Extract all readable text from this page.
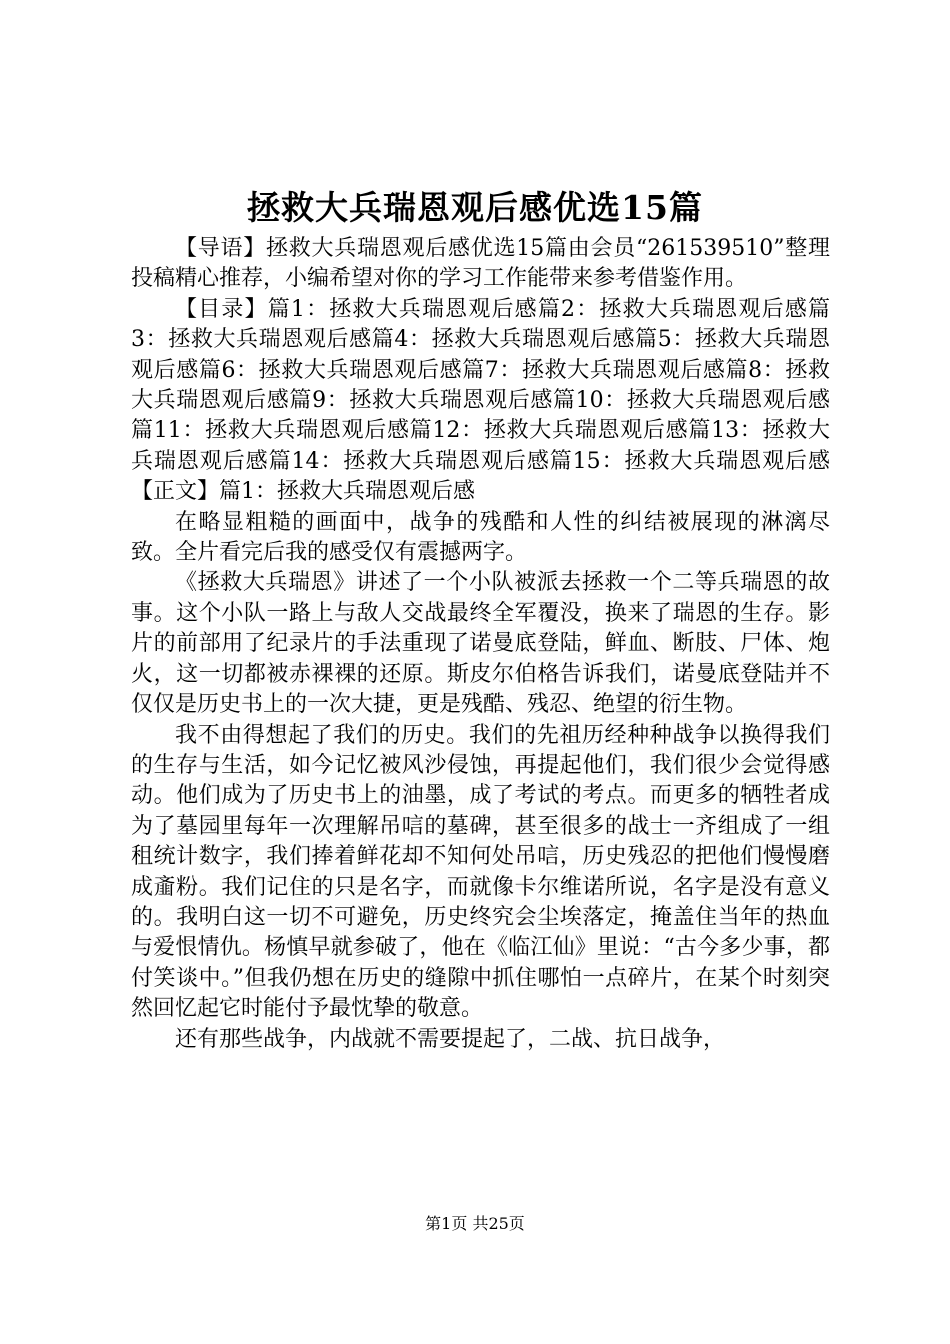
拯救大兵瑞恩观后感优选15篇

【导语】拯救大兵瑞恩观后感优选15篇由会员“261539510”整理投稿精心推荐，小编希望对你的学习工作能带来参考借鉴作用。

【目录】篇1：拯救大兵瑞恩观后感篇2：拯救大兵瑞恩观后感篇3：拯救大兵瑞恩观后感篇4：拯救大兵瑞恩观后感篇5：拯救大兵瑞恩观后感篇6：拯救大兵瑞恩观后感篇7：拯救大兵瑞恩观后感篇8：拯救大兵瑞恩观后感篇9：拯救大兵瑞恩观后感篇10：拯救大兵瑞恩观后感篇11：拯救大兵瑞恩观后感篇12：拯救大兵瑞恩观后感篇13：拯救大兵瑞恩观后感篇14：拯救大兵瑞恩观后感篇15：拯救大兵瑞恩观后感【正文】篇1：拯救大兵瑞恩观后感

在略显粗糙的画面中，战争的残酷和人性的纠结被展现的淋漓尽致。全片看完后我的感受仅有震撼两字。

《拯救大兵瑞恩》讲述了一个小队被派去拯救一个二等兵瑞恩的故事。这个小队一路上与敌人交战最终全军覆没，换来了瑞恩的生存。影片的前部用了纪录片的手法重现了诺曼底登陆，鲜血、断肢、尸体、炮火，这一切都被赤裸裸的还原。斯皮尔伯格告诉我们，诺曼底登陆并不仅仅是历史书上的一次大捷，更是残酷、残忍、绝望的衍生物。

我不由得想起了我们的历史。我们的先祖历经种种战争以换得我们的生存与生活，如今记忆被风沙侵蚀，再提起他们，我们很少会觉得感动。他们成为了历史书上的油墨，成了考试的考点。而更多的牺牲者成为了墓园里每年一次理解吊唁的墓碑，甚至很多的战士一齐组成了一组租统计数字，我们捧着鲜花却不知何处吊唁，历史残忍的把他们慢慢磨成齑粉。我们记住的只是名字，而就像卡尔维诺所说，名字是没有意义的。我明白这一切不可避免，历史终究会尘埃落定，掩盖住当年的热血与爱恨情仇。杨慎早就参破了，他在《临江仙》里说：“古今多少事，都付笑谈中。”但我仍想在历史的缝隙中抓住哪怕一点碎片，在某个时刻突然回忆起它时能付予最忱挚的敬意。

还有那些战争，内战就不需要提起了，二战、抗日战争，

第1页 共25页
